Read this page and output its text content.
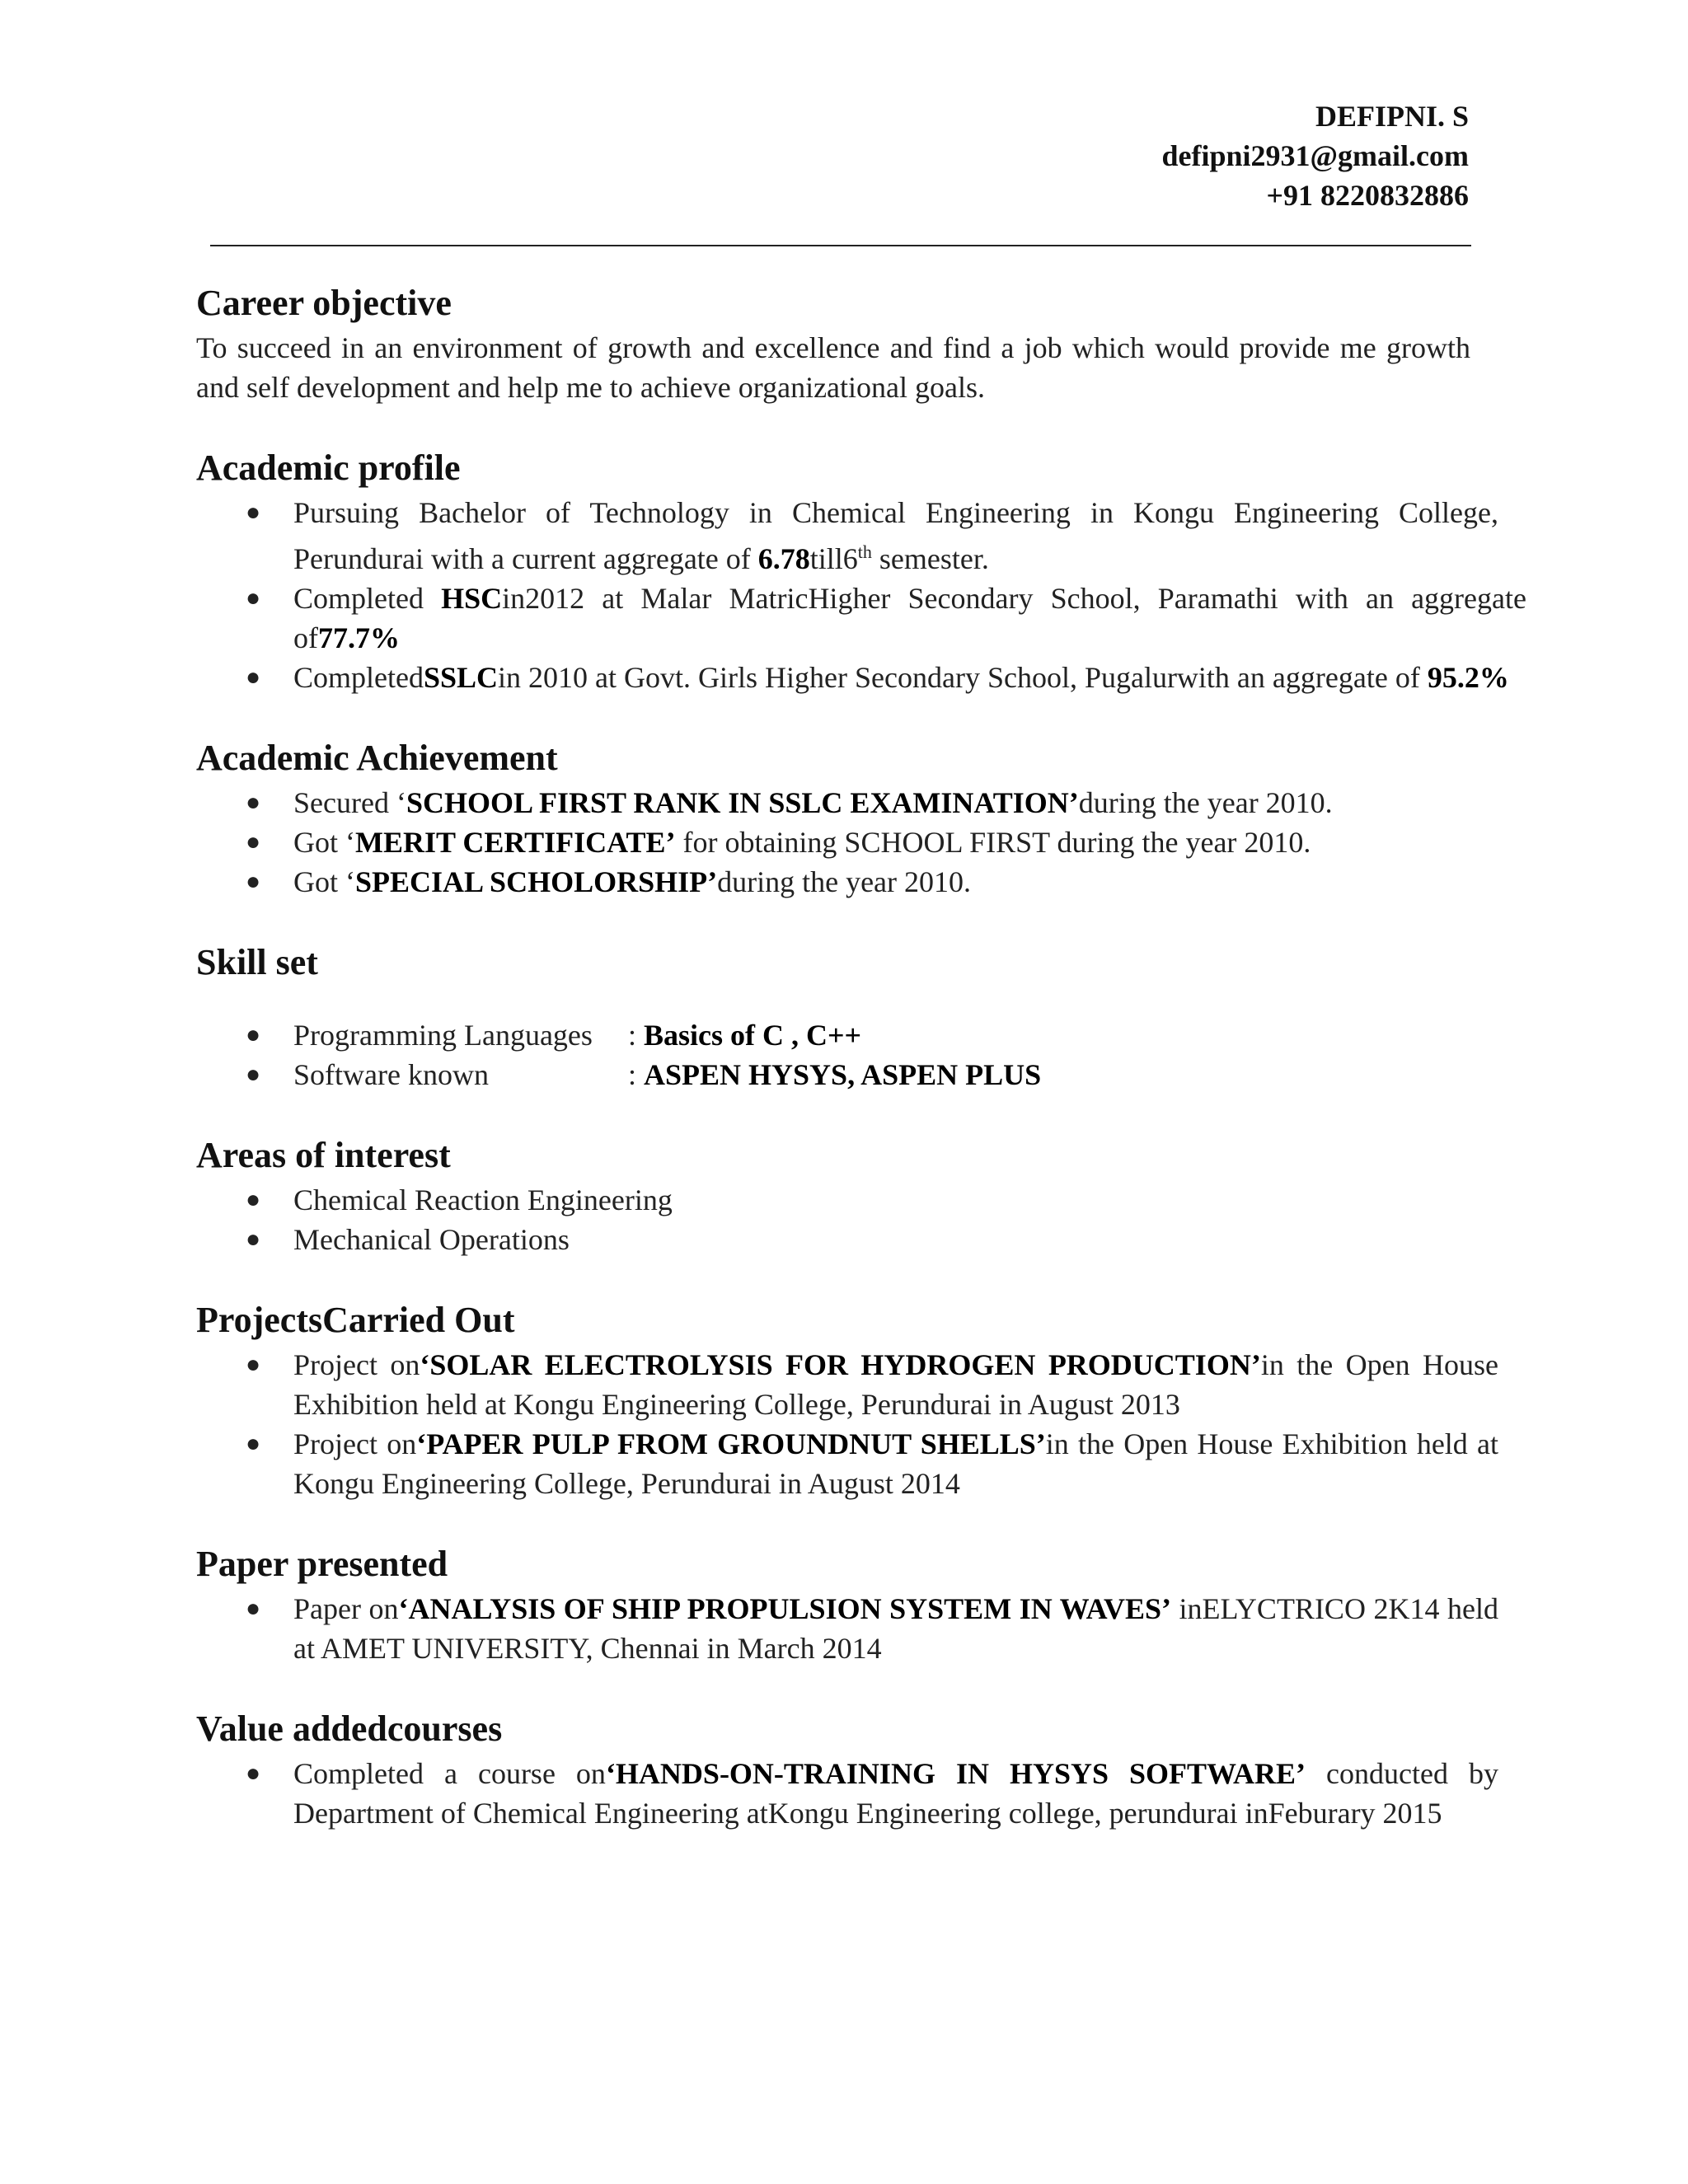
DEFIPNI. S
defipni2931@gmail.com
+91 8220832886
Career objective

To succeed in an environment of growth and excellence and find a job which would provide me growth and self development and help me to achieve organizational goals.

Academic profile
● Pursuing Bachelor of Technology in Chemical Engineering in Kongu Engineering College, Perundurai with a current aggregate of 6.78till6th semester.
● Completed HSCin2012 at Malar MatricHigher Secondary School, Paramathi with an aggregate of77.7%
● CompletedSSLCin 2010 at Govt. Girls Higher Secondary School, Pugalurwith an aggregate of 95.2%
Academic Achievement
● Secured ‘SCHOOL FIRST RANK IN SSLC EXAMINATION’during the year 2010.
● Got ‘MERIT CERTIFICATE’ for obtaining SCHOOL FIRST during the year 2010.
● Got ‘SPECIAL SCHOLORSHIP’during the year 2010.
Skill set
● Programming Languages : Basics of C , C++
● Software known	: ASPEN HYSYS, ASPEN PLUS
Areas of interest
● Chemical Reaction Engineering
● Mechanical Operations
ProjectsCarried Out
● Project on‘SOLAR ELECTROLYSIS FOR HYDROGEN PRODUCTION’in the Open House Exhibition held at Kongu Engineering College, Perundurai in August 2013
● Project on‘PAPER PULP FROM GROUNDNUT SHELLS’in the Open House Exhibition held at Kongu Engineering College, Perundurai in August 2014
Paper presented
● Paper on‘ANALYSIS OF SHIP PROPULSION SYSTEM IN WAVES’ inELYCTRICO 2K14 held at AMET UNIVERSITY, Chennai in March 2014
Value addedcourses
● Completed a course on‘HANDS-ON-TRAINING IN HYSYS SOFTWARE’ conducted by Department of Chemical Engineering atKongu Engineering college, perundurai inFeburary 2015
